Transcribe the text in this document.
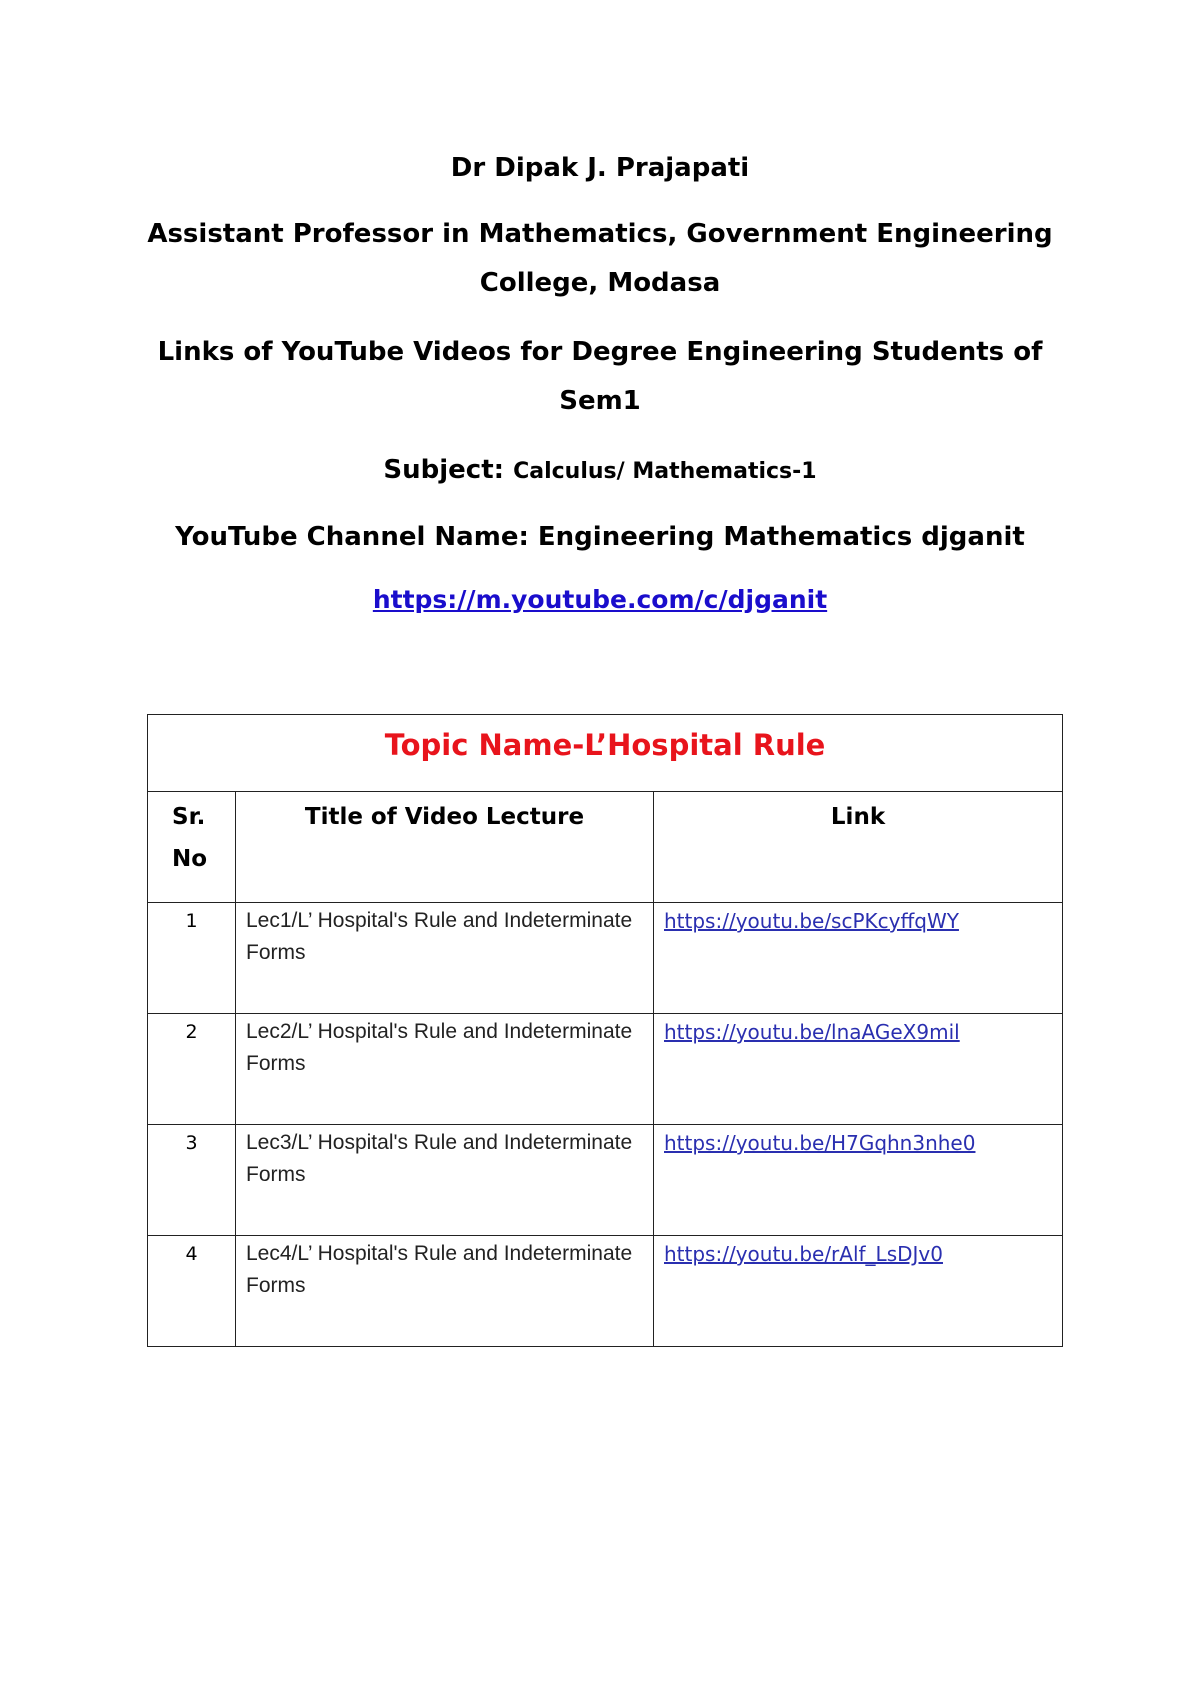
Dr Dipak J. Prajapati

Assistant Professor in Mathematics, Government Engineering College, Modasa

Links of YouTube Videos for Degree Engineering Students of Sem1

Subject: Calculus/ Mathematics-1

YouTube Channel Name: Engineering Mathematics djganit

https://m.youtube.com/c/djganit
Topic Name-L’Hospital Rule		
Sr.
No	Title of Video Lecture	Link
1	Lec1/L’ Hospital's Rule and Indeterminate Forms	https://youtu.be/scPKcyffqWY
2	Lec2/L’ Hospital's Rule and Indeterminate Forms	https://youtu.be/lnaAGeX9mil
3	Lec3/L’ Hospital's Rule and Indeterminate Forms	https://youtu.be/H7Gqhn3nhe0
4	Lec4/L’ Hospital's Rule and Indeterminate Forms	https://youtu.be/rAlf_LsDJv0
